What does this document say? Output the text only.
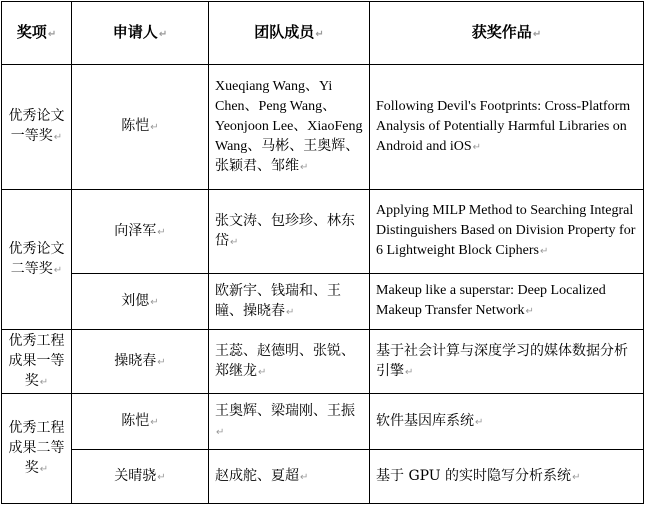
奖项↵	申请人↵	团队成员↵	获奖作品↵
优秀论文一等奖↵	陈恺↵	Xueqiang Wang、Yi Chen、Peng Wang、Yeonjoon Lee、XiaoFeng Wang、马彬、王奥辉、张颖君、邹维↵	Following Devil's Footprints: Cross-Platform Analysis of Potentially Harmful Libraries on Android and iOS↵
优秀论文二等奖↵	向泽军↵	张文涛、包珍珍、林东岱↵	Applying MILP Method to Searching Integral Distinguishers Based on Division Property for 6 Lightweight Block Ciphers↵
	刘偲↵	欧新宇、钱瑞和、王瞳、操晓春↵	Makeup like a superstar: Deep Localized Makeup Transfer Network↵
优秀工程成果一等奖↵	操晓春↵	王蕊、赵德明、张锐、郑继龙↵	基于社会计算与深度学习的媒体数据分析引擎↵
优秀工程成果二等奖↵	陈恺↵	王奥辉、梁瑞刚、王振↵	软件基因库系统↵
	关晴骁↵	赵成舵、夏超↵	基于 GPU 的实时隐写分析系统↵
